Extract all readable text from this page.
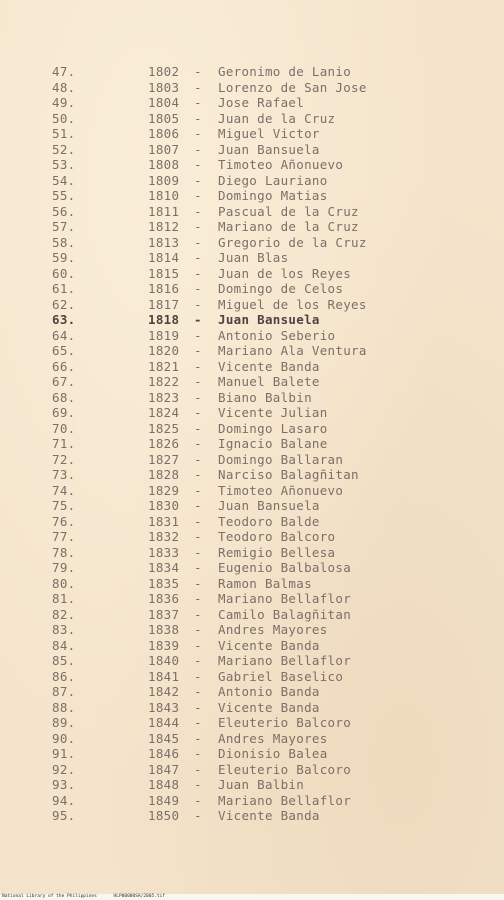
47.	1802 - Geronimo de Lanio
48.	1803 - Lorenzo de San Jose
49.	1804 - Jose Rafael
50.	1805 - Juan de la Cruz
51.	1806 - Miguel Victor
52.	1807 - Juan Bansuela
53.	1808 - Timoteo Añonuevo
54.	1809 - Diego Lauriano
55.	1810 - Domingo Matias
56.	1811 - Pascual de la Cruz
57.	1812 - Mariano de la Cruz
58.	1813 - Gregorio de la Cruz
59.	1814 - Juan Blas
60.	1815 - Juan de los Reyes
61.	1816 - Domingo de Celos
62.	1817 - Miguel de los Reyes
63.	1818 - Juan Bansuela
64.	1819 - Antonio Seberio
65.	1820 - Mariano Ala Ventura
66.	1821 - Vicente Banda
67.	1822 - Manuel Balete
68.	1823 - Biano Balbin
69.	1824 - Vicente Julian
70.	1825 - Domingo Lasaro
71.	1826 - Ignacio Balane
72.	1827 - Domingo Ballaran
73.	1828 - Narciso Balagñitan
74.	1829 - Timoteo Añonuevo
75.	1830 - Juan Bansuela
76.	1831 - Teodoro Balde
77.	1832 - Teodoro Balcoro
78.	1833 - Remigio Bellesa
79.	1834 - Eugenio Balbalosa
80.	1835 - Ramon Balmas
81.	1836 - Mariano Bellaflor
82.	1837 - Camilo Balagñitan
83.	1838 - Andres Mayores
84.	1839 - Vicente Banda
85.	1840 - Mariano Bellaflor
86.	1841 - Gabriel Baselico
87.	1842 - Antonio Banda
88.	1843 - Vicente Banda
89.	1844 - Eleuterio Balcoro
90.	1845 - Andres Mayores
91.	1846 - Dionisio Balea
92.	1847 - Eleuterio Balcoro
93.	1848 - Juan Balbin
94.	1849 - Mariano Bellaflor
95.	1850 - Vicente Banda
National Library of the Philippines	HLP00000SA/2005.tif
